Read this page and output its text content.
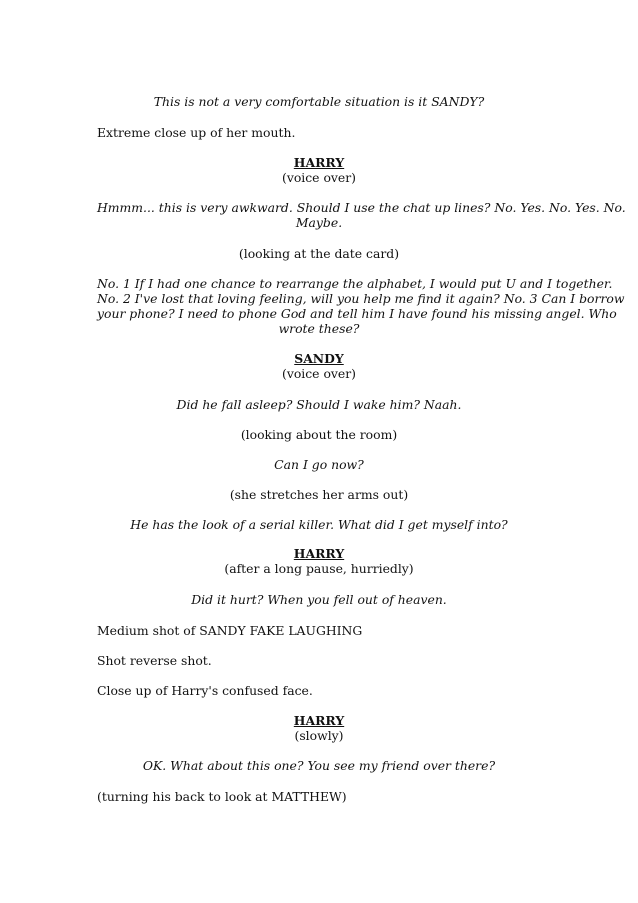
This is not a very comfortable situation is it SANDY?
Extreme close up of her mouth.
HARRY
(voice over)
Hmmm... this is very awkward. Should I use the chat up lines? No. Yes. No. Yes. No.
Maybe.
(looking at the date card)
No. 1 If I had one chance to rearrange the alphabet, I would put U and I together.
No. 2 I've lost that loving feeling, will you help me find it again? No. 3 Can I borrow
your phone? I need to phone God and tell him I have found his missing angel. Who
wrote these?
SANDY
(voice over)
Did he fall asleep? Should I wake him? Naah.
(looking about the room)
Can I go now?
(she stretches her arms out)
He has the look of a serial killer. What did I get myself into?
HARRY
(after a long pause, hurriedly)
Did it hurt? When you fell out of heaven.
Medium shot of SANDY FAKE LAUGHING
Shot reverse shot.
Close up of Harry's confused face.
HARRY
(slowly)
OK. What about this one? You see my friend over there?
(turning his back to look at MATTHEW)
